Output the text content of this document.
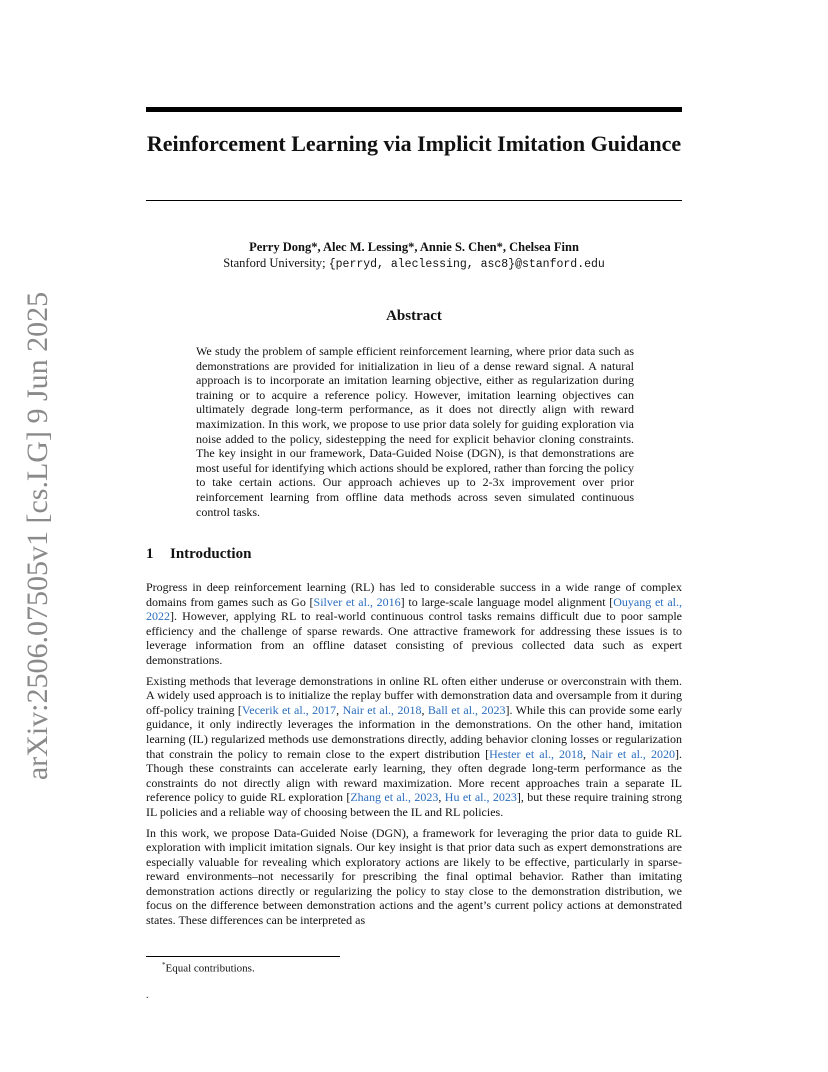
arXiv:2506.07505v1 [cs.LG] 9 Jun 2025
Reinforcement Learning via Implicit Imitation Guidance
Perry Dong*, Alec M. Lessing*, Annie S. Chen*, Chelsea Finn
Stanford University; {perryd, aleclessing, asc8}@stanford.edu
Abstract

We study the problem of sample efficient reinforcement learning, where prior data such as demonstrations are provided for initialization in lieu of a dense reward signal. A natural approach is to incorporate an imitation learning objective, either as regularization during training or to acquire a reference policy. However, imitation learning objectives can ultimately degrade long-term performance, as it does not directly align with reward maximization. In this work, we propose to use prior data solely for guiding exploration via noise added to the policy, sidestepping the need for explicit behavior cloning constraints. The key insight in our framework, Data-Guided Noise (DGN), is that demonstrations are most useful for identifying which actions should be explored, rather than forcing the policy to take certain actions. Our approach achieves up to 2-3x improvement over prior reinforcement learning from offline data methods across seven simulated continuous control tasks.

1 Introduction

Progress in deep reinforcement learning (RL) has led to considerable success in a wide range of complex domains from games such as Go [Silver et al., 2016] to large-scale language model alignment [Ouyang et al., 2022]. However, applying RL to real-world continuous control tasks remains difficult due to poor sample efficiency and the challenge of sparse rewards. One attractive framework for addressing these issues is to leverage information from an offline dataset consisting of previous collected data such as expert demonstrations.

Existing methods that leverage demonstrations in online RL often either underuse or overconstrain with them. A widely used approach is to initialize the replay buffer with demonstration data and oversample from it during off-policy training [Vecerik et al., 2017, Nair et al., 2018, Ball et al., 2023]. While this can provide some early guidance, it only indirectly leverages the information in the demonstrations. On the other hand, imitation learning (IL) regularized methods use demonstrations directly, adding behavior cloning losses or regularization that constrain the policy to remain close to the expert distribution [Hester et al., 2018, Nair et al., 2020]. Though these constraints can accelerate early learning, they often degrade long-term performance as the constraints do not directly align with reward maximization. More recent approaches train a separate IL reference policy to guide RL exploration [Zhang et al., 2023, Hu et al., 2023], but these require training strong IL policies and a reliable way of choosing between the IL and RL policies.

In this work, we propose Data-Guided Noise (DGN), a framework for leveraging the prior data to guide RL exploration with implicit imitation signals. Our key insight is that prior data such as expert demonstrations are especially valuable for revealing which exploratory actions are likely to be effective, particularly in sparse-reward environments–not necessarily for prescribing the final optimal behavior. Rather than imitating demonstration actions directly or regularizing the policy to stay close to the demonstration distribution, we focus on the difference between demonstration actions and the agent’s current policy actions at demonstrated states. These differences can be interpreted as

*Equal contributions.
.
